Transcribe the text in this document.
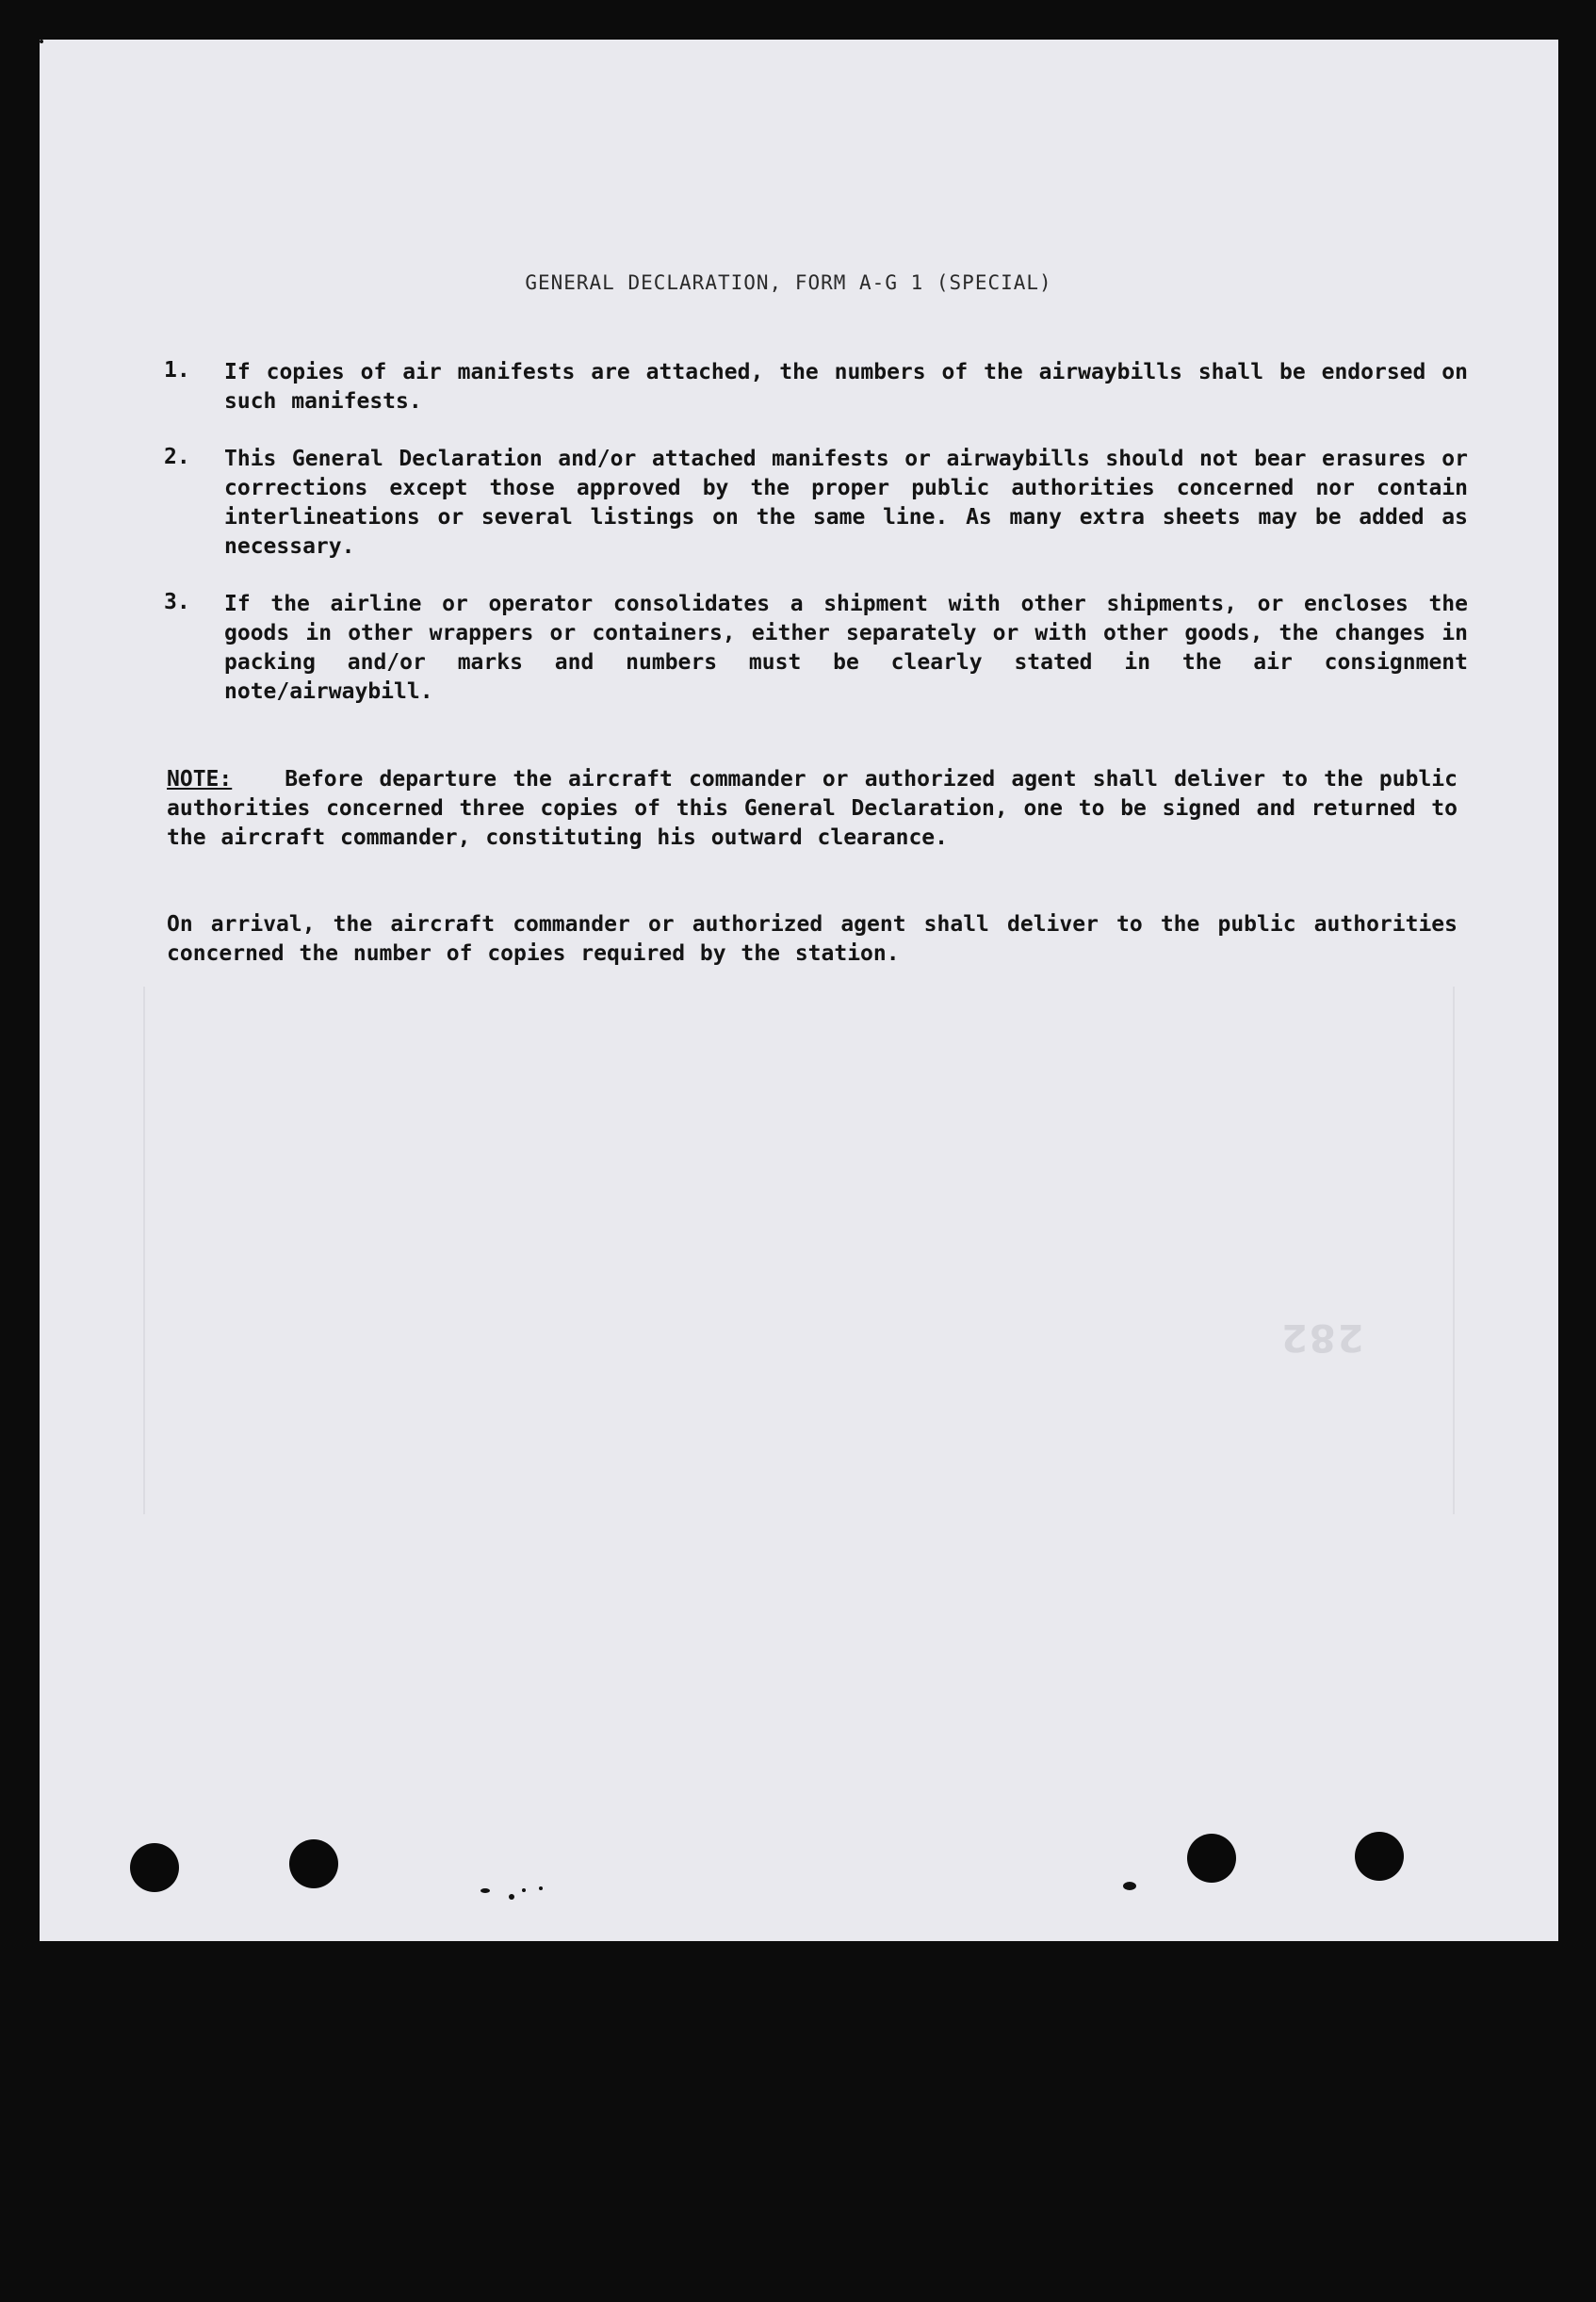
GENERAL DECLARATION, FORM A-G 1 (SPECIAL)
1. If copies of air manifests are attached, the numbers of the airwaybills shall be endorsed on such manifests.
2. This General Declaration and/or attached manifests or airwaybills should not bear erasures or corrections except those approved by the proper public authorities concerned nor contain interlineations or several listings on the same line. As many extra sheets may be added as necessary.
3. If the airline or operator consolidates a shipment with other shipments, or encloses the goods in other wrappers or containers, either separately or with other goods, the changes in packing and/or marks and numbers must be clearly stated in the air consignment note/airwaybill.
NOTE: Before departure the aircraft commander or authorized agent shall deliver to the public authorities concerned three copies of this General Declaration, one to be signed and returned to the aircraft commander, constituting his outward clearance.
On arrival, the aircraft commander or authorized agent shall deliver to the public authorities concerned the number of copies required by the station.
282
